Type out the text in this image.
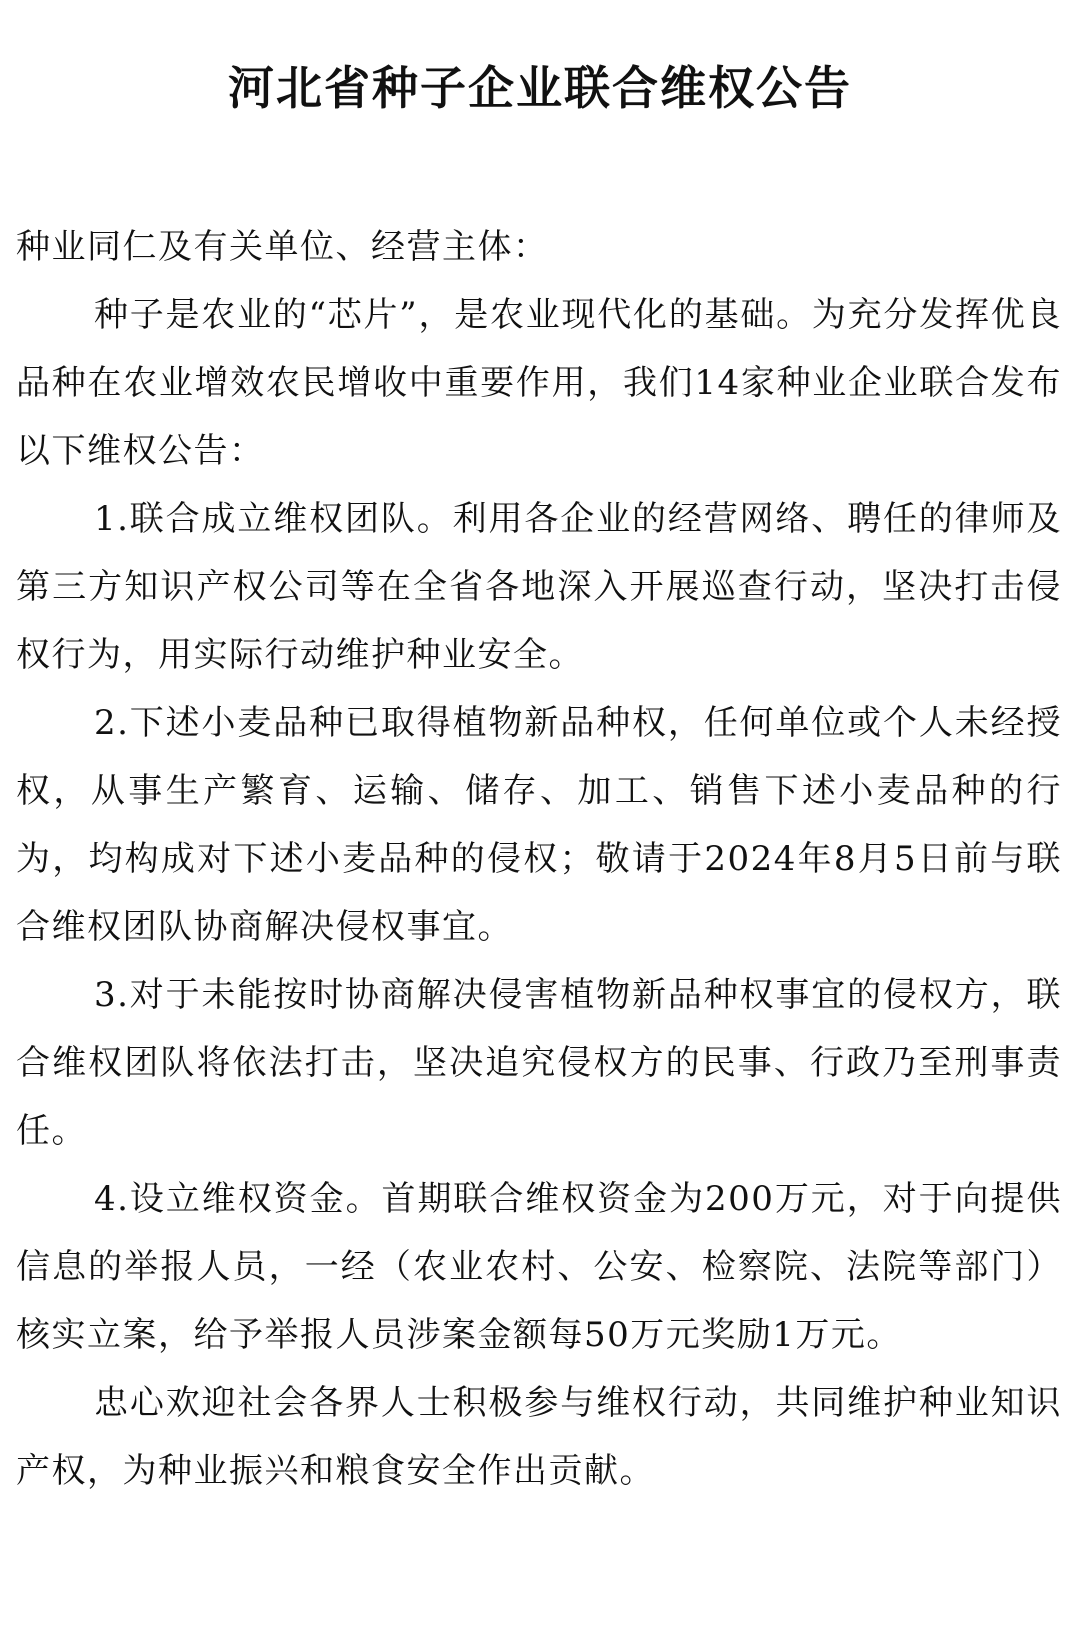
河北省种子企业联合维权公告

种业同仁及有关单位、经营主体：

种子是农业的“芯片”，是农业现代化的基础。为充分发挥优良品种在农业增效农民增收中重要作用，我们14家种业企业联合发布以下维权公告：

1.联合成立维权团队。利用各企业的经营网络、聘任的律师及第三方知识产权公司等在全省各地深入开展巡查行动，坚决打击侵权行为，用实际行动维护种业安全。

2.下述小麦品种已取得植物新品种权，任何单位或个人未经授权，从事生产繁育、运输、储存、加工、销售下述小麦品种的行为，均构成对下述小麦品种的侵权；敬请于2024年8月5日前与联合维权团队协商解决侵权事宜。

3.对于未能按时协商解决侵害植物新品种权事宜的侵权方，联合维权团队将依法打击，坚决追究侵权方的民事、行政乃至刑事责任。

4.设立维权资金。首期联合维权资金为200万元，对于向提供信息的举报人员，一经（农业农村、公安、检察院、法院等部门）核实立案，给予举报人员涉案金额每50万元奖励1万元。

忠心欢迎社会各界人士积极参与维权行动，共同维护种业知识产权，为种业振兴和粮食安全作出贡献。
